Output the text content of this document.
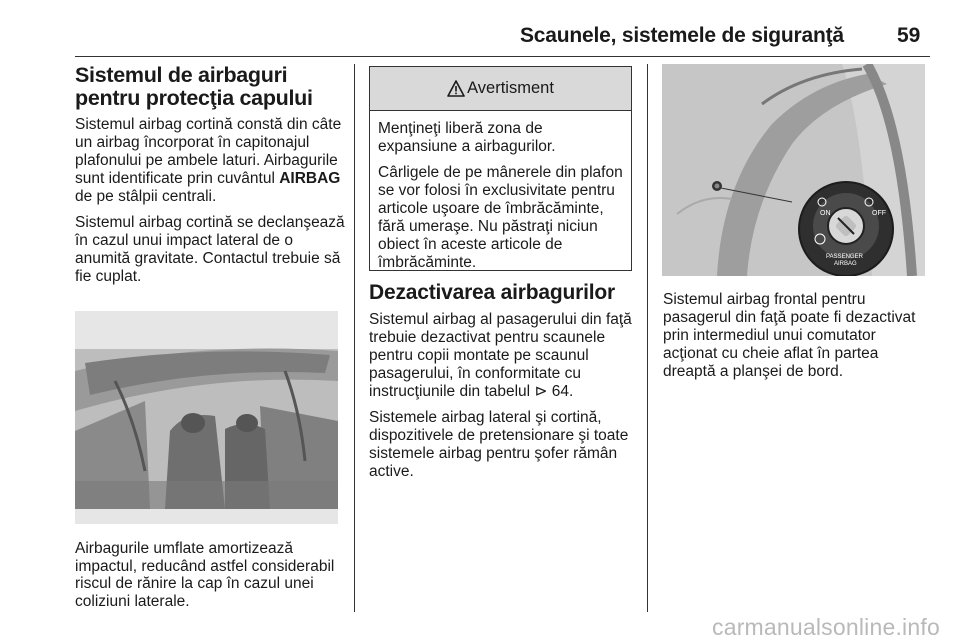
Scaunele, sistemele de siguranţă	59
Sistemul de airbaguri pentru protecţia capului

Sistemul airbag cortină constă din câte un airbag încorporat în capitonajul plafonului pe ambele laturi. Airbagurile sunt identificate prin cuvântul AIRBAG de pe stâlpii centrali.

Sistemul airbag cortină se declanşează în cazul unui impact lateral de o anumită gravitate. Contactul trebuie să fie cuplat.

Airbagurile umflate amortizează impactul, reducând astfel considerabil riscul de rănire la cap în cazul unei coliziuni laterale.
Avertisment

Menţineţi liberă zona de expansiune a airbagurilor.

Cârligele de pe mânerele din plafon se vor folosi în exclusivitate pentru articole uşoare de îmbrăcăminte, fără umeraşe. Nu păstraţi niciun obiect în aceste articole de îmbrăcăminte.

Dezactivarea airbagurilor

Sistemul airbag al pasagerului din faţă trebuie dezactivat pentru scaunele pentru copii montate pe scaunul pasagerului, în conformitate cu instrucţiunile din tabelul ⊳ 64.

Sistemele airbag lateral şi cortină, dispozitivele de pretensionare şi toate sistemele airbag pentru şofer rămân active.

ON	OFF
PASSENGER
AIRBAG

Sistemul airbag frontal pentru pasagerul din faţă poate fi dezactivat prin intermediul unui comutator acţionat cu cheie aflat în partea dreaptă a planşei de bord.

carmanualsonline.info
